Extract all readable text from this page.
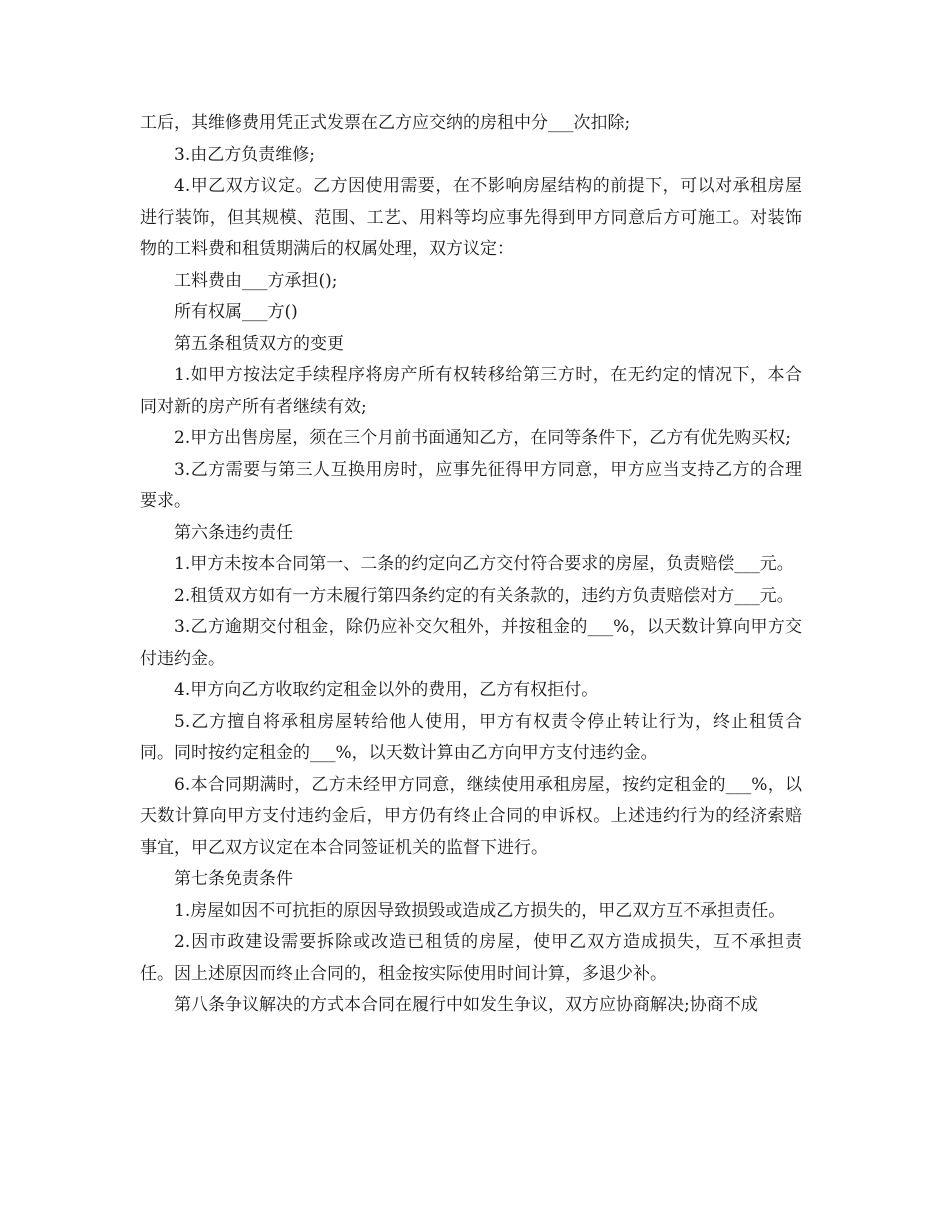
工后，其维修费用凭正式发票在乙方应交纳的房租中分___次扣除;

3.由乙方负责维修;

4.甲乙双方议定。乙方因使用需要，在不影响房屋结构的前提下，可以对承租房屋进行装饰，但其规模、范围、工艺、用料等均应事先得到甲方同意后方可施工。对装饰物的工料费和租赁期满后的权属处理，双方议定：

工料费由___方承担();

所有权属___方()

第五条租赁双方的变更

1.如甲方按法定手续程序将房产所有权转移给第三方时，在无约定的情况下，本合同对新的房产所有者继续有效;

2.甲方出售房屋，须在三个月前书面通知乙方，在同等条件下，乙方有优先购买权;

3.乙方需要与第三人互换用房时，应事先征得甲方同意，甲方应当支持乙方的合理要求。

第六条违约责任

1.甲方未按本合同第一、二条的约定向乙方交付符合要求的房屋，负责赔偿___元。

2.租赁双方如有一方未履行第四条约定的有关条款的，违约方负责赔偿对方___元。

3.乙方逾期交付租金，除仍应补交欠租外，并按租金的___%，以天数计算向甲方交付违约金。

4.甲方向乙方收取约定租金以外的费用，乙方有权拒付。

5.乙方擅自将承租房屋转给他人使用，甲方有权责令停止转让行为，终止租赁合同。同时按约定租金的___%，以天数计算由乙方向甲方支付违约金。

6.本合同期满时，乙方未经甲方同意，继续使用承租房屋，按约定租金的___%，以天数计算向甲方支付违约金后，甲方仍有终止合同的申诉权。上述违约行为的经济索赔事宜，甲乙双方议定在本合同签证机关的监督下进行。

第七条免责条件

1.房屋如因不可抗拒的原因导致损毁或造成乙方损失的，甲乙双方互不承担责任。

2.因市政建设需要拆除或改造已租赁的房屋，使甲乙双方造成损失，互不承担责任。因上述原因而终止合同的，租金按实际使用时间计算，多退少补。

第八条争议解决的方式本合同在履行中如发生争议，双方应协商解决;协商不成
